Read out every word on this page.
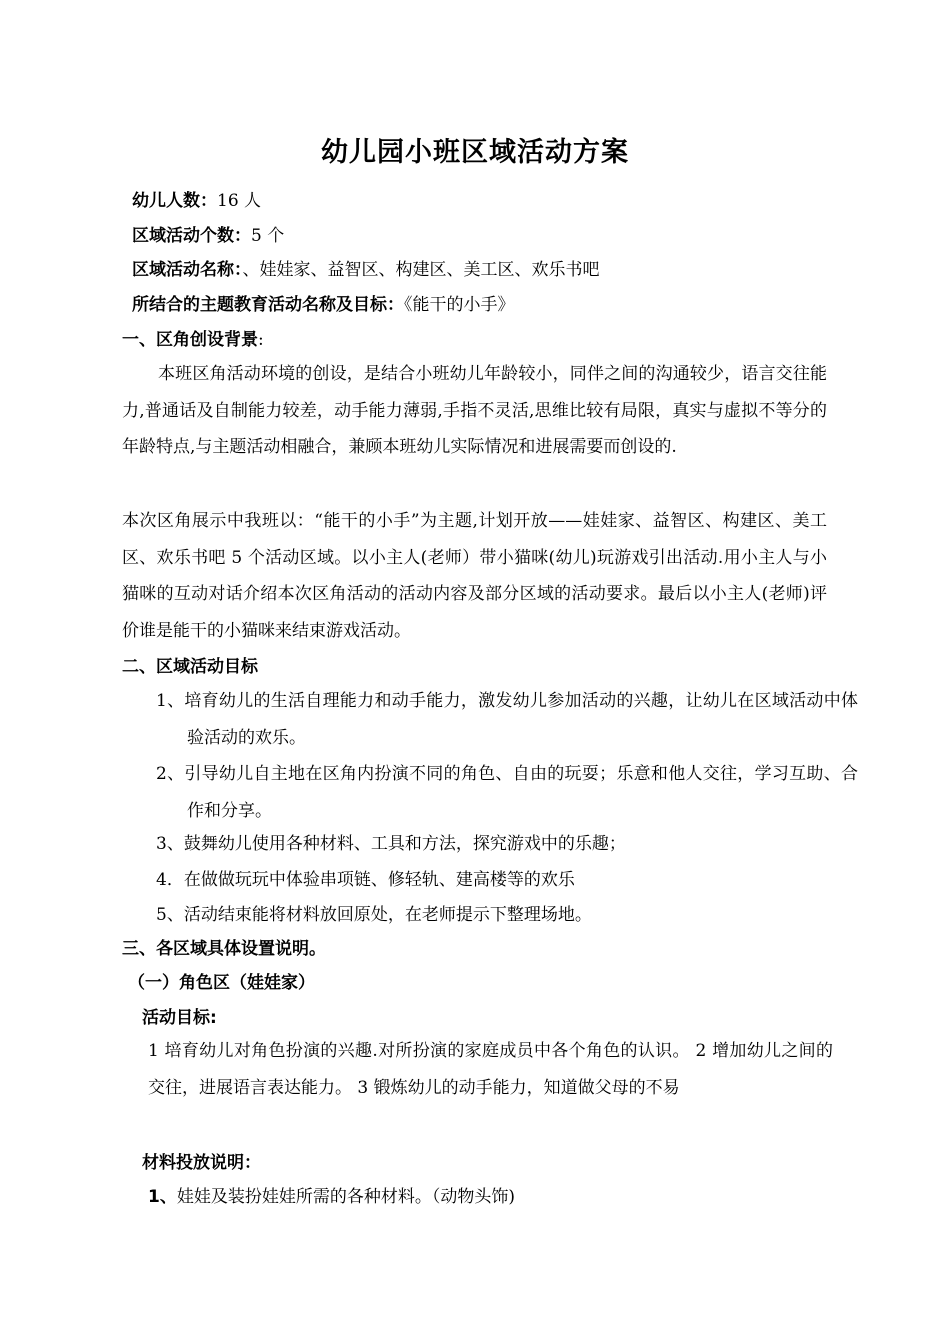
幼儿园小班区域活动方案
幼儿人数：16 人
区域活动个数：5 个
区域活动名称：、娃娃家、益智区、构建区、美工区、欢乐书吧
所结合的主题教育活动名称及目标：《能干的小手》
一、区角创设背景:
本班区角活动环境的创设，是结合小班幼儿年龄较小，同伴之间的沟通较少，语言交往能力,普通话及自制能力较差，动手能力薄弱,手指不灵活,思维比较有局限，真实与虚拟不等分的年龄特点,与主题活动相融合，兼顾本班幼儿实际情况和进展需要而创设的.
本次区角展示中我班以：“能干的小手”为主题,计划开放——娃娃家、益智区、构建区、美工区、欢乐书吧 5 个活动区域。以小主人(老师）带小猫咪(幼儿)玩游戏引出活动.用小主人与小猫咪的互动对话介绍本次区角活动的活动内容及部分区域的活动要求。最后以小主人(老师)评价谁是能干的小猫咪来结束游戏活动。
二、区域活动目标
1、培育幼儿的生活自理能力和动手能力，激发幼儿参加活动的兴趣，让幼儿在区域活动中体验活动的欢乐。
2、引导幼儿自主地在区角内扮演不同的角色、自由的玩耍；乐意和他人交往，学习互助、合作和分享。
3、鼓舞幼儿使用各种材料、工具和方法，探究游戏中的乐趣；
4．在做做玩玩中体验串项链、修轻轨、建高楼等的欢乐
5、活动结束能将材料放回原处，在老师提示下整理场地。
三、各区域具体设置说明。
（一）角色区（娃娃家）
活动目标:
1 培育幼儿对角色扮演的兴趣.对所扮演的家庭成员中各个角色的认识。 2 增加幼儿之间的交往，进展语言表达能力。 3 锻炼幼儿的动手能力，知道做父母的不易
材料投放说明：
1、娃娃及装扮娃娃所需的各种材料。（动物头饰)
